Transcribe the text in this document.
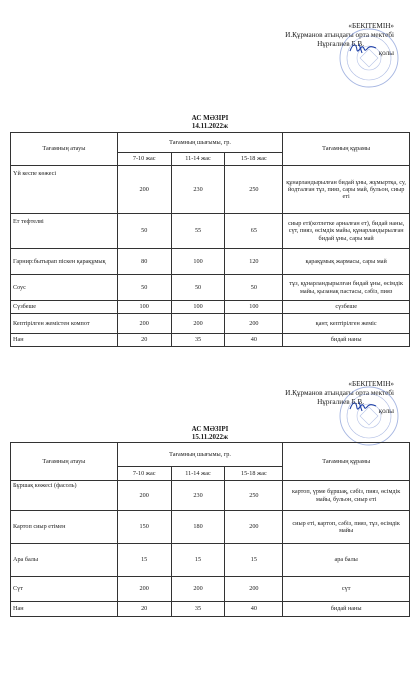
«БЕКІТЕМІН»
И.Құрманов атындағы орта мектебі
Нұрғалиев Б.В.
қолы
АС МӘЗІРІ
14.11.2022ж
Тағамның атауы	Тағамның шығымы, гр.			Тағамның құрамы
	7-10 жас	11-14 жас	15-18 жас	
Үй кеспе көжесі	200	230	250	құнарландырылған бидай ұны, жұмыртқа, су, йодталған тұз, пияз, сары май, бульон, сиыр еті
Ет тефтелві	50	55	65	сиыр еті(котлетке арналған ет), бидай наны, сүт, пияз, өсімдік майы, құнарландырылған бидай ұны, сары май
Гарнир:бытырап піскен қарақұмық	80	100	120	қарақұмық жармасы, сары май
Соус	50	50	50	тұз, құнарландырылған бидай ұны, өсімдік майы, қызанақ пастасы, сәбіз, пияз
Сүзбеше	100	100	100	сүзбеше
Кептірілген жемістен компот	200	200	200	қант, кептірілген жеміс
Нан	20	35	40	бидай наны
«БЕКІТЕМІН»
И.Құрманов атындағы орта мектебі
Нұрғалиев Б.В.
қолы
АС МӘЗІРІ
15.11.2022ж
Тағамның атауы	Тағамның шығымы, гр.			Тағамның құрамы
	7-10 жас	11-14 жас	15-18 жас	
Бұршақ көжесі (фасоль)	200	230	250	картоп, үрме бұршақ, сәбіз, пияз, өсімдік майы, бульон, сиыр еті
Картоп сиыр етімен	150	180	200	сиыр еті, картоп, сәбіз, пияз, тұз, өсімдік майы
Ара балы	15	15	15	ара балы
Сүт	200	200	200	сүт
Нан	20	35	40	бидай наны
